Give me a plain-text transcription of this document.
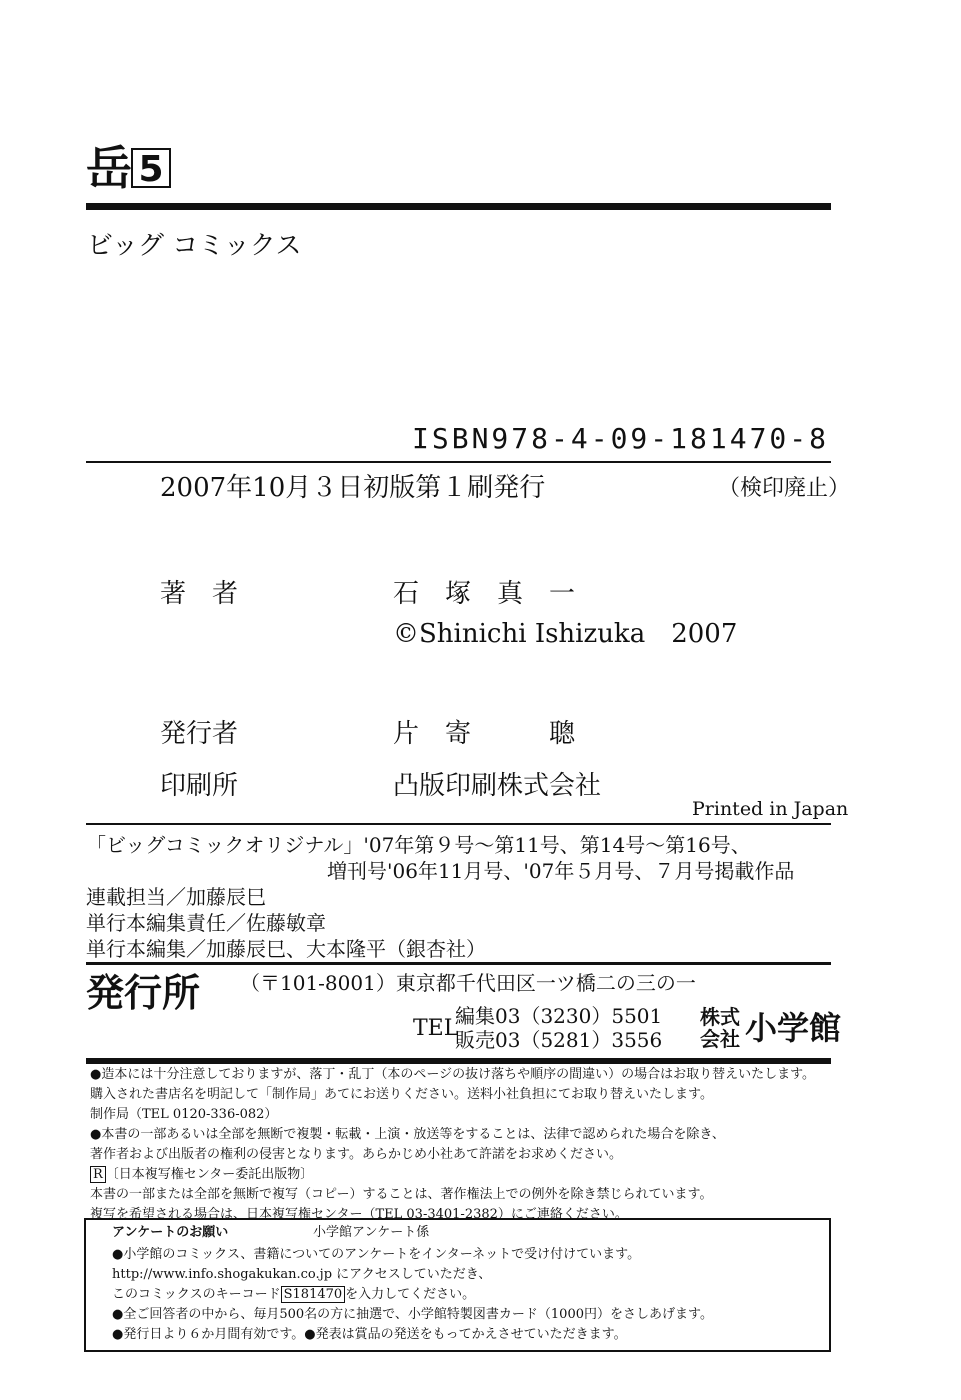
岳 5
ビッグ コミックス
ISBN978-4-09-181470-8
2007年10月３日初版第１刷発行	（検印廃止）
著　者	石　塚　真　一
©Shinichi Ishizuka　2007
発行者	片　寄　　　聰
印刷所	凸版印刷株式会社
Printed in Japan
「ビッグコミックオリジナル」'07年第９号～第11号、第14号～第16号、
増刊号'06年11月号、'07年５月号、７月号掲載作品
連載担当／加藤辰巳
単行本編集責任／佐藤敏章
単行本編集／加藤辰巳、大本隆平（銀杏社）
発行所 （〒101-8001）東京都千代田区一ツ橋二の三の一
TEL
編集03（3230）5501
販売03（5281）3556
株式
会社 小学館
●造本には十分注意しておりますが、落丁・乱丁（本のページの抜け落ちや順序の間違い）の場合はお取り替えいたします。
購入された書店名を明記して「制作局」あてにお送りください。送料小社負担にてお取り替えいたします。
制作局（TEL 0120-336-082）
●本書の一部あるいは全部を無断で複製・転載・上演・放送等をすることは、法律で認められた場合を除き、
著作者および出版者の権利の侵害となります。あらかじめ小社あて許諾をお求めください。
R 〔日本複写権センター委託出版物〕
本書の一部または全部を無断で複写（コピー）することは、著作権法上での例外を除き禁じられています。
アンケートのお願い	小学館アンケート係
●小学館のコミックス、書籍についてのアンケートをインターネットで受け付けています。
http://www.info.shogakukan.co.jp にアクセスしていただき、
このコミックスのキーコード S181470 を入力してください。
●全ご回答者の中から、毎月500名の方に抽選で、小学館特製図書カード（1000円）をさしあげます。
複写を希望される場合は、日本複写権センター（TEL 03-3401-2382）にご連絡ください。
●発行日より６か月間有効です。●発表は賞品の発送をもってかえさせていただきます。
